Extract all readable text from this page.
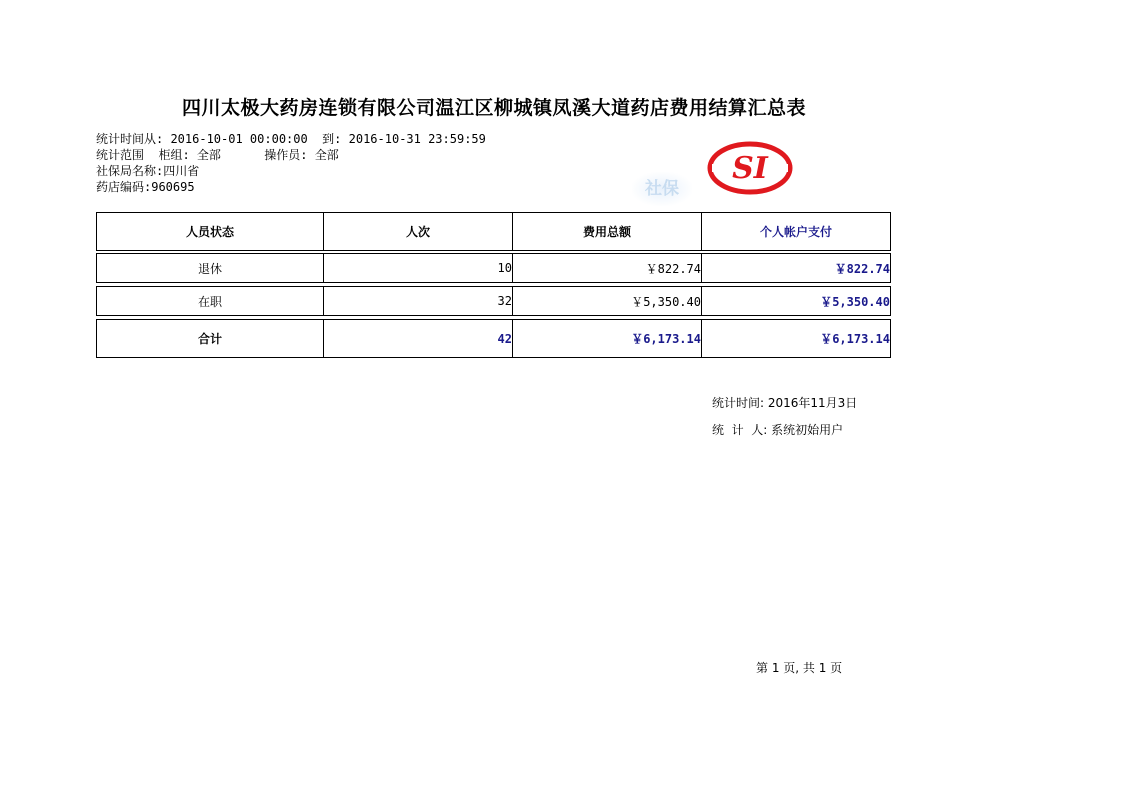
四川太极大药房连锁有限公司温江区柳城镇凤溪大道药店费用结算汇总表
统计时间从: 2016-10-01 00:00:00  到: 2016-10-31 23:59:59
统计范围  柜组: 全部      操作员: 全部
社保局名称:四川省
药店编码:960695	社保
SI
人员状态	人次	费用总额	个人帐户支付
退休	10	￥822.74	￥822.74
在职	32	￥5,350.40	￥5,350.40
合计	42	￥6,173.14	￥6,173.14
统计时间: 2016年11月3日
统  计  人: 系统初始用户
第 1 页, 共 1 页
